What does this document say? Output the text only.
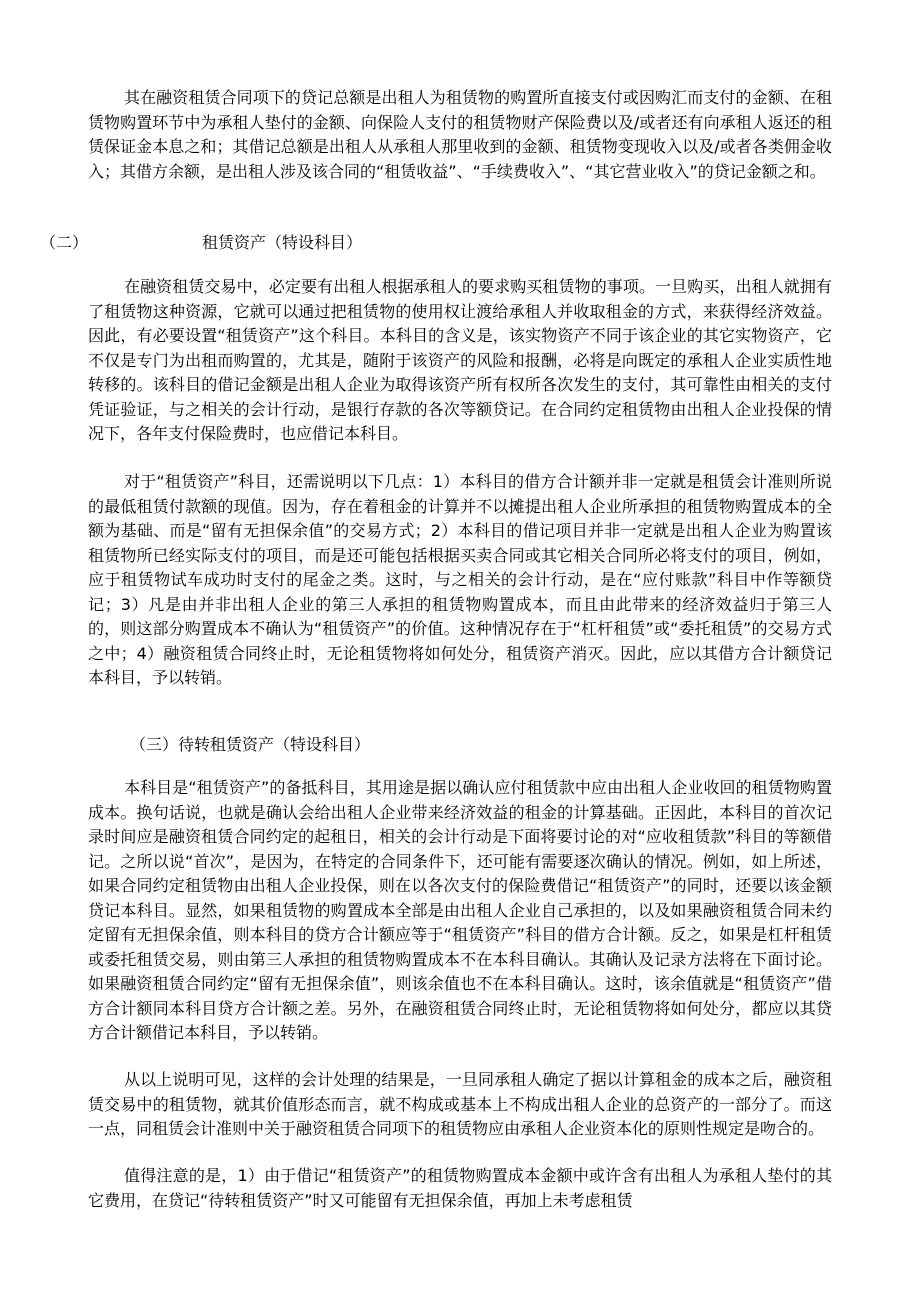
其在融资租赁合同项下的贷记总额是出租人为租赁物的购置所直接支付或因购汇而支付的金额、在租赁物购置环节中为承租人垫付的金额、向保险人支付的租赁物财产保险费以及/或者还有向承租人返还的租赁保证金本息之和；其借记总额是出租人从承租人那里收到的金额、租赁物变现收入以及/或者各类佣金收入；其借方余额，是出租人涉及该合同的“租赁收益”、“手续费收入”、“其它营业收入”的贷记金额之和。

（二）	租赁资产（特设科目）

在融资租赁交易中，必定要有出租人根据承租人的要求购买租赁物的事项。一旦购买，出租人就拥有了租赁物这种资源，它就可以通过把租赁物的使用权让渡给承租人并收取租金的方式，来获得经济效益。因此，有必要设置“租赁资产”这个科目。本科目的含义是，该实物资产不同于该企业的其它实物资产，它不仅是专门为出租而购置的，尤其是，随附于该资产的风险和报酬，必将是向既定的承租人企业实质性地转移的。该科目的借记金额是出租人企业为取得该资产所有权所各次发生的支付，其可靠性由相关的支付凭证验证，与之相关的会计行动，是银行存款的各次等额贷记。在合同约定租赁物由出租人企业投保的情况下，各年支付保险费时，也应借记本科目。

对于“租赁资产”科目，还需说明以下几点：1）本科目的借方合计额并非一定就是租赁会计准则所说的最低租赁付款额的现值。因为，存在着租金的计算并不以摊提出租人企业所承担的租赁物购置成本的全额为基础、而是“留有无担保余值”的交易方式；2）本科目的借记项目并非一定就是出租人企业为购置该租赁物所已经实际支付的项目，而是还可能包括根据买卖合同或其它相关合同所必将支付的项目，例如，应于租赁物试车成功时支付的尾金之类。这时，与之相关的会计行动，是在“应付账款”科目中作等额贷记；3）凡是由并非出租人企业的第三人承担的租赁物购置成本，而且由此带来的经济效益归于第三人的，则这部分购置成本不确认为“租赁资产”的价值。这种情况存在于“杠杆租赁”或“委托租赁”的交易方式之中；4）融资租赁合同终止时，无论租赁物将如何处分，租赁资产消灭。因此，应以其借方合计额贷记本科目，予以转销。

（三）待转租赁资产（特设科目）

本科目是“租赁资产”的备抵科目，其用途是据以确认应付租赁款中应由出租人企业收回的租赁物购置成本。换句话说，也就是确认会给出租人企业带来经济效益的租金的计算基础。正因此，本科目的首次记录时间应是融资租赁合同约定的起租日，相关的会计行动是下面将要讨论的对“应收租赁款”科目的等额借记。之所以说“首次”，是因为，在特定的合同条件下，还可能有需要逐次确认的情况。例如，如上所述，如果合同约定租赁物由出租人企业投保，则在以各次支付的保险费借记“租赁资产”的同时，还要以该金额贷记本科目。显然，如果租赁物的购置成本全部是由出租人企业自己承担的，以及如果融资租赁合同未约定留有无担保余值，则本科目的贷方合计额应等于“租赁资产”科目的借方合计额。反之，如果是杠杆租赁或委托租赁交易，则由第三人承担的租赁物购置成本不在本科目确认。其确认及记录方法将在下面讨论。如果融资租赁合同约定“留有无担保余值”，则该余值也不在本科目确认。这时，该余值就是“租赁资产”借方合计额同本科目贷方合计额之差。另外，在融资租赁合同终止时，无论租赁物将如何处分，都应以其贷方合计额借记本科目，予以转销。

从以上说明可见，这样的会计处理的结果是，一旦同承租人确定了据以计算租金的成本之后，融资租赁交易中的租赁物，就其价值形态而言，就不构成或基本上不构成出租人企业的总资产的一部分了。而这一点，同租赁会计准则中关于融资租赁合同项下的租赁物应由承租人企业资本化的原则性规定是吻合的。

值得注意的是，1）由于借记“租赁资产”的租赁物购置成本金额中或许含有出租人为承租人垫付的其它费用，在贷记“待转租赁资产”时又可能留有无担保余值，再加上未考虑租赁
